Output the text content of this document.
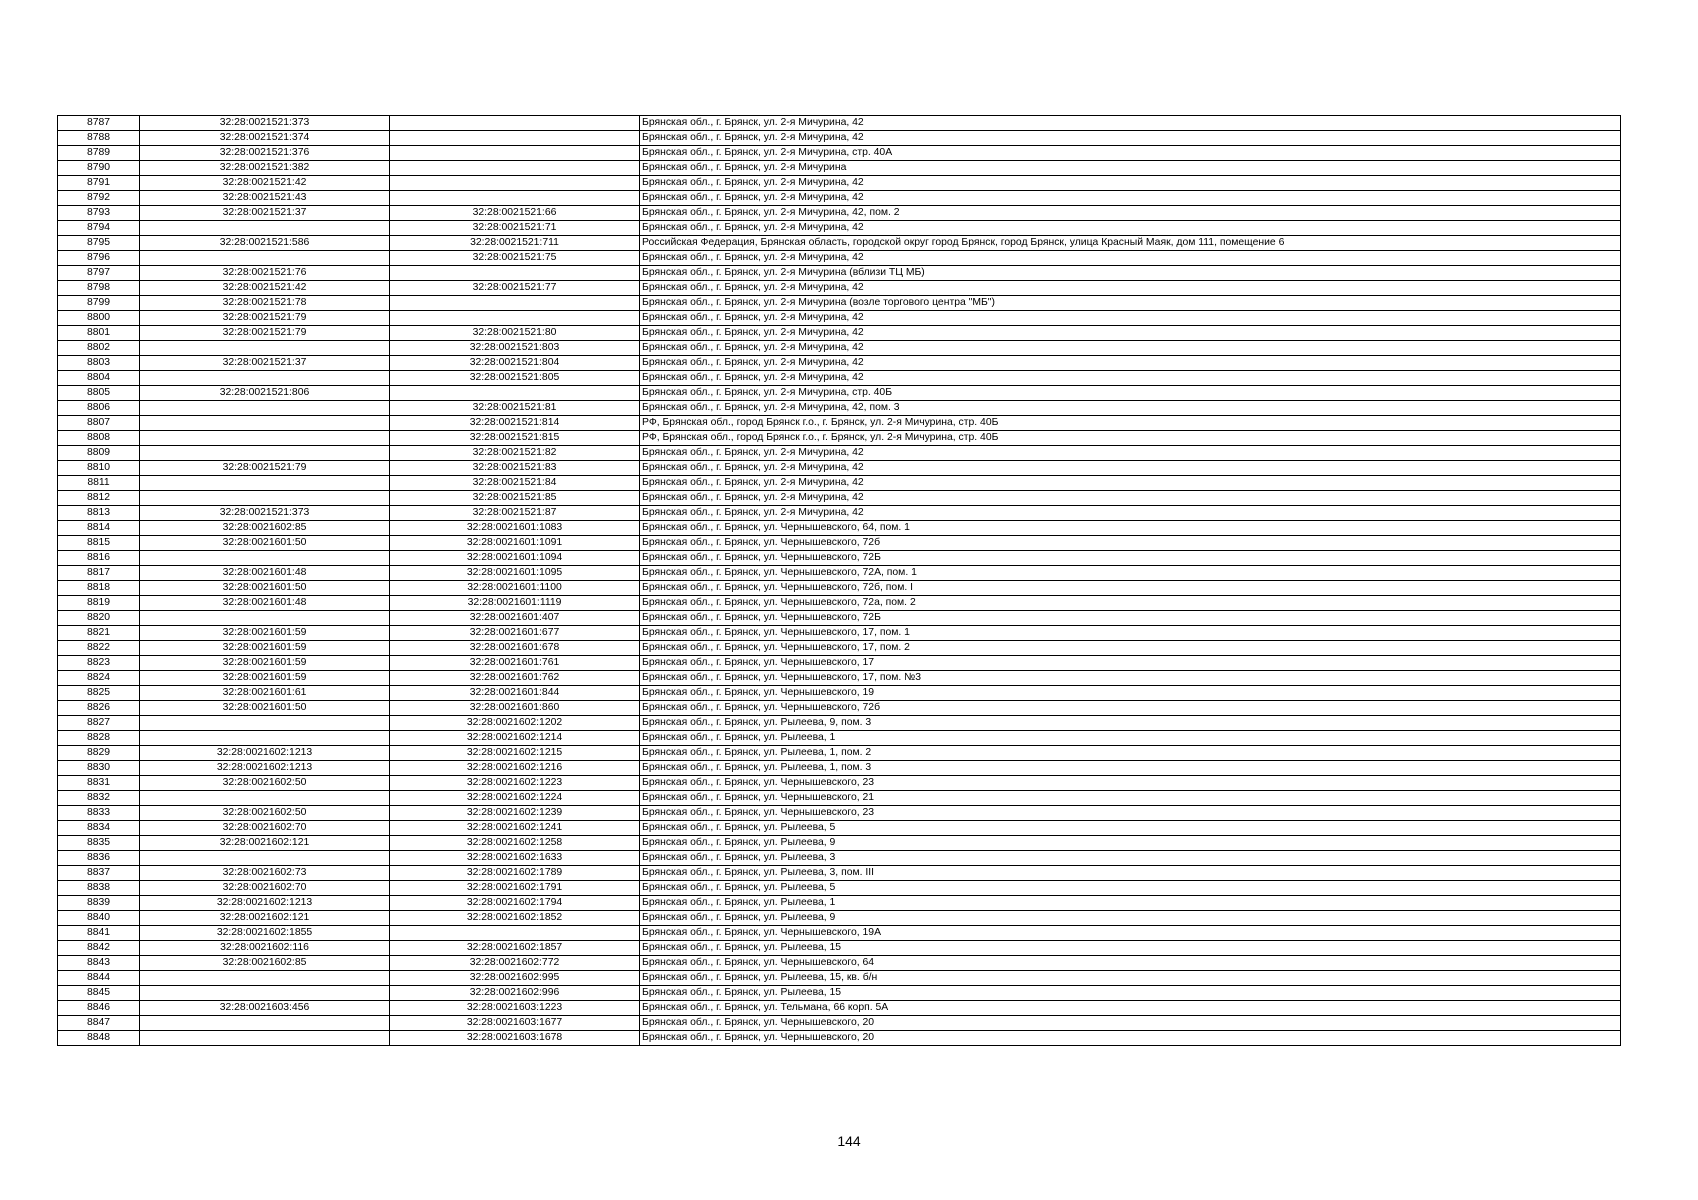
8787	32:28:0021521:373		Брянская обл., г. Брянск, ул. 2-я Мичурина, 42
8788	32:28:0021521:374		Брянская обл., г. Брянск, ул. 2-я Мичурина, 42
8789	32:28:0021521:376		Брянская обл., г. Брянск, ул. 2-я Мичурина, стр. 40А
8790	32:28:0021521:382		Брянская обл., г. Брянск, ул. 2-я Мичурина
8791	32:28:0021521:42		Брянская обл., г. Брянск, ул. 2-я Мичурина, 42
8792	32:28:0021521:43		Брянская обл., г. Брянск, ул. 2-я Мичурина, 42
8793	32:28:0021521:37	32:28:0021521:66	Брянская обл., г. Брянск, ул. 2-я Мичурина, 42, пом. 2
8794		32:28:0021521:71	Брянская обл., г. Брянск, ул. 2-я Мичурина, 42
8795	32:28:0021521:586	32:28:0021521:711	Российская Федерация, Брянская область, городской округ город Брянск, город Брянск, улица Красный Маяк, дом 111, помещение 6
8796		32:28:0021521:75	Брянская обл., г. Брянск, ул. 2-я Мичурина, 42
8797	32:28:0021521:76		Брянская обл., г. Брянск, ул. 2-я Мичурина (вблизи ТЦ МБ)
8798	32:28:0021521:42	32:28:0021521:77	Брянская обл., г. Брянск, ул. 2-я Мичурина, 42
8799	32:28:0021521:78		Брянская обл., г. Брянск, ул. 2-я Мичурина (возле торгового центра "МБ")
8800	32:28:0021521:79		Брянская обл., г. Брянск, ул. 2-я Мичурина, 42
8801	32:28:0021521:79	32:28:0021521:80	Брянская обл., г. Брянск, ул. 2-я Мичурина, 42
8802		32:28:0021521:803	Брянская обл., г. Брянск, ул. 2-я Мичурина, 42
8803	32:28:0021521:37	32:28:0021521:804	Брянская обл., г. Брянск, ул. 2-я Мичурина, 42
8804		32:28:0021521:805	Брянская обл., г. Брянск, ул. 2-я Мичурина, 42
8805	32:28:0021521:806		Брянская обл., г. Брянск, ул. 2-я Мичурина, стр. 40Б
8806		32:28:0021521:81	Брянская обл., г. Брянск, ул. 2-я Мичурина, 42, пом. 3
8807		32:28:0021521:814	РФ, Брянская обл., город Брянск г.о., г. Брянск, ул. 2-я Мичурина, стр. 40Б
8808		32:28:0021521:815	РФ, Брянская обл., город Брянск г.о., г. Брянск, ул. 2-я Мичурина, стр. 40Б
8809		32:28:0021521:82	Брянская обл., г. Брянск, ул. 2-я Мичурина, 42
8810	32:28:0021521:79	32:28:0021521:83	Брянская обл., г. Брянск, ул. 2-я Мичурина, 42
8811		32:28:0021521:84	Брянская обл., г. Брянск, ул. 2-я Мичурина, 42
8812		32:28:0021521:85	Брянская обл., г. Брянск, ул. 2-я Мичурина, 42
8813	32:28:0021521:373	32:28:0021521:87	Брянская обл., г. Брянск, ул. 2-я Мичурина, 42
8814	32:28:0021602:85	32:28:0021601:1083	Брянская обл., г. Брянск, ул. Чернышевского, 64, пом. 1
8815	32:28:0021601:50	32:28:0021601:1091	Брянская обл., г. Брянск, ул. Чернышевского, 72б
8816		32:28:0021601:1094	Брянская обл., г. Брянск, ул. Чернышевского, 72Б
8817	32:28:0021601:48	32:28:0021601:1095	Брянская обл., г. Брянск, ул. Чернышевского, 72А, пом. 1
8818	32:28:0021601:50	32:28:0021601:1100	Брянская обл., г. Брянск, ул. Чернышевского, 72б, пом. I
8819	32:28:0021601:48	32:28:0021601:1119	Брянская обл., г. Брянск, ул. Чернышевского, 72а, пом. 2
8820		32:28:0021601:407	Брянская обл., г. Брянск, ул. Чернышевского, 72Б
8821	32:28:0021601:59	32:28:0021601:677	Брянская обл., г. Брянск, ул. Чернышевского, 17, пом. 1
8822	32:28:0021601:59	32:28:0021601:678	Брянская обл., г. Брянск, ул. Чернышевского, 17, пом. 2
8823	32:28:0021601:59	32:28:0021601:761	Брянская обл., г. Брянск, ул. Чернышевского, 17
8824	32:28:0021601:59	32:28:0021601:762	Брянская обл., г. Брянск, ул. Чернышевского, 17, пом. №3
8825	32:28:0021601:61	32:28:0021601:844	Брянская обл., г. Брянск, ул. Чернышевского, 19
8826	32:28:0021601:50	32:28:0021601:860	Брянская обл., г. Брянск, ул. Чернышевского, 72б
8827		32:28:0021602:1202	Брянская обл., г. Брянск, ул. Рылеева, 9, пом. 3
8828		32:28:0021602:1214	Брянская обл., г. Брянск, ул. Рылеева, 1
8829	32:28:0021602:1213	32:28:0021602:1215	Брянская обл., г. Брянск, ул. Рылеева, 1, пом. 2
8830	32:28:0021602:1213	32:28:0021602:1216	Брянская обл., г. Брянск, ул. Рылеева, 1, пом. 3
8831	32:28:0021602:50	32:28:0021602:1223	Брянская обл., г. Брянск, ул. Чернышевского, 23
8832		32:28:0021602:1224	Брянская обл., г. Брянск, ул. Чернышевского, 21
8833	32:28:0021602:50	32:28:0021602:1239	Брянская обл., г. Брянск, ул. Чернышевского, 23
8834	32:28:0021602:70	32:28:0021602:1241	Брянская обл., г. Брянск, ул. Рылеева, 5
8835	32:28:0021602:121	32:28:0021602:1258	Брянская обл., г. Брянск, ул. Рылеева, 9
8836		32:28:0021602:1633	Брянская обл., г. Брянск, ул. Рылеева, 3
8837	32:28:0021602:73	32:28:0021602:1789	Брянская обл., г. Брянск, ул. Рылеева, 3, пом. III
8838	32:28:0021602:70	32:28:0021602:1791	Брянская обл., г. Брянск, ул. Рылеева, 5
8839	32:28:0021602:1213	32:28:0021602:1794	Брянская обл., г. Брянск, ул. Рылеева, 1
8840	32:28:0021602:121	32:28:0021602:1852	Брянская обл., г. Брянск, ул. Рылеева, 9
8841	32:28:0021602:1855		Брянская обл., г. Брянск, ул. Чернышевского, 19А
8842	32:28:0021602:116	32:28:0021602:1857	Брянская обл., г. Брянск, ул. Рылеева, 15
8843	32:28:0021602:85	32:28:0021602:772	Брянская обл., г. Брянск, ул. Чернышевского, 64
8844		32:28:0021602:995	Брянская обл., г. Брянск, ул. Рылеева, 15, кв. б/н
8845		32:28:0021602:996	Брянская обл., г. Брянск, ул. Рылеева, 15
8846	32:28:0021603:456	32:28:0021603:1223	Брянская обл., г. Брянск, ул. Тельмана, 66 корп. 5А
8847		32:28:0021603:1677	Брянская обл., г. Брянск, ул. Чернышевского, 20
8848		32:28:0021603:1678	Брянская обл., г. Брянск, ул. Чернышевского, 20
144
